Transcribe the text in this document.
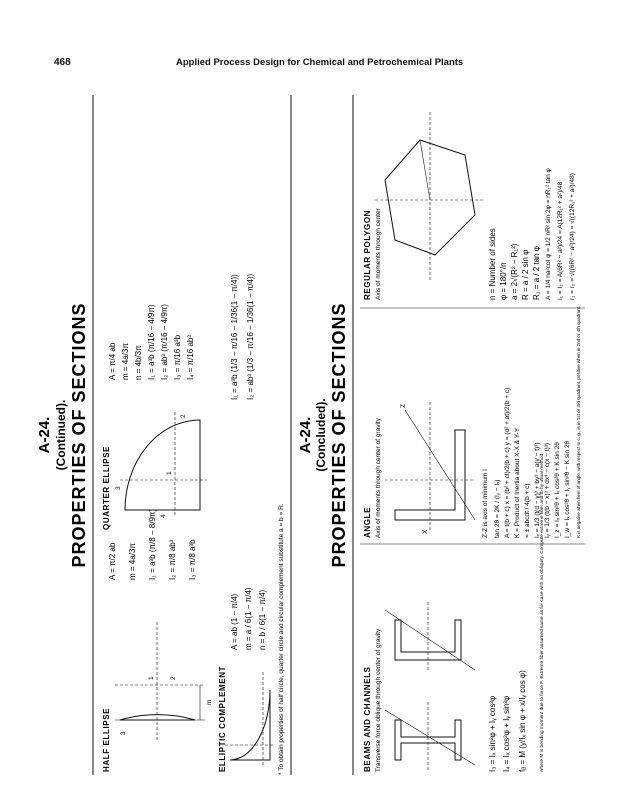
468	Applied Process Design for Chemical and Petrochemical Plants
A-24. (Continued). PROPERTIES OF SECTIONS
HALF ELLIPSE
m
1 2
3
A = π/2 ab m = 4a/3π I₁ = a³b (π/8 − 8/9π) I₂ = π/8 ab³ I₃ = π/8 a³b
QUARTER ELLIPSE	1
2
3
4
A = π/4 ab m = 4a/3π n = 4b/3π I₁ = a³b (π/16 − 4/9π) I₂ = ab³ (π/16 − 4/9π) I₃ = π/16 a³b I₄ = π/16 ab³
ELLIPTIC COMPLEMENT
A = ab (1 − π/4) m = a / 6(1 − π/4) n = b / 6(1 − π/4)
I₁ = a³b (1/3 − π/16 − 1/36(1 − π/4)) I₂ = ab³ (1/3 − π/16 − 1/36(1 − π/4))
* To obtain properties of half circle, quarter circle and circular complement substitute a = b = R.
A-24. (Concluded). PROPERTIES OF SECTIONS
REGULAR POLYGON Axis of moments through center	n = Number of sides φ = 180°/n a = 2√(R² − R₁²) R = a / 2 sin φ R₁ = a / 2 tan φ A = 1/4 na²cot φ = 1/2 nR² sin 2φ = nR₁² tan φ I₁ = I₂ = A(6R² − a²)/24 = A(12R₁² + a²)/48 r₁ = r₂ = √((6R² − a²)/24) = √((12R₁² + a²)/48)
ANGLE Axis of moments through center of gravity
Z
X	Z-Z is axis of minimum I tan 2θ = 2K / (Iᵧ − Iₓ) A = t(b + c) x = (b² + ct)/2(b + c) y = (d² + at)/2(b + c) K = Product of Inertia about X-X & Y-Y = ± abcdt / 4(b + c) Iₓ = 1/3 (t(d − y)³ + by³ − a(y − t)³) Iᵧ = 1/3 (t(b − x)³ + dx³ − c(x − t)³) I_z = Iₓ sin²θ + Iᵧ cos²θ + K sin 2θ I_w = Iₓ cos²θ + Iᵧ sin²θ − K sin 2θ K is negative when heel of angle, with respect to c. g., is in 1st or 3rd quadrant, positive when in 2nd or 4th quadrant.
BEAMS AND CHANNELS Transverse force oblique through center of gravity	I₃ = Iₓ sin²φ + Iᵧ cos²φ I₄ = Iₓ cos²φ + Iᵧ sin²φ fᵦ = M (y/Iₓ sin φ + x/Iᵧ cos φ)	where M is bending moment due to force F. Extreme fiber assumed same as for case with no obliquity. Compute extreme fiber and fb by usual method.
